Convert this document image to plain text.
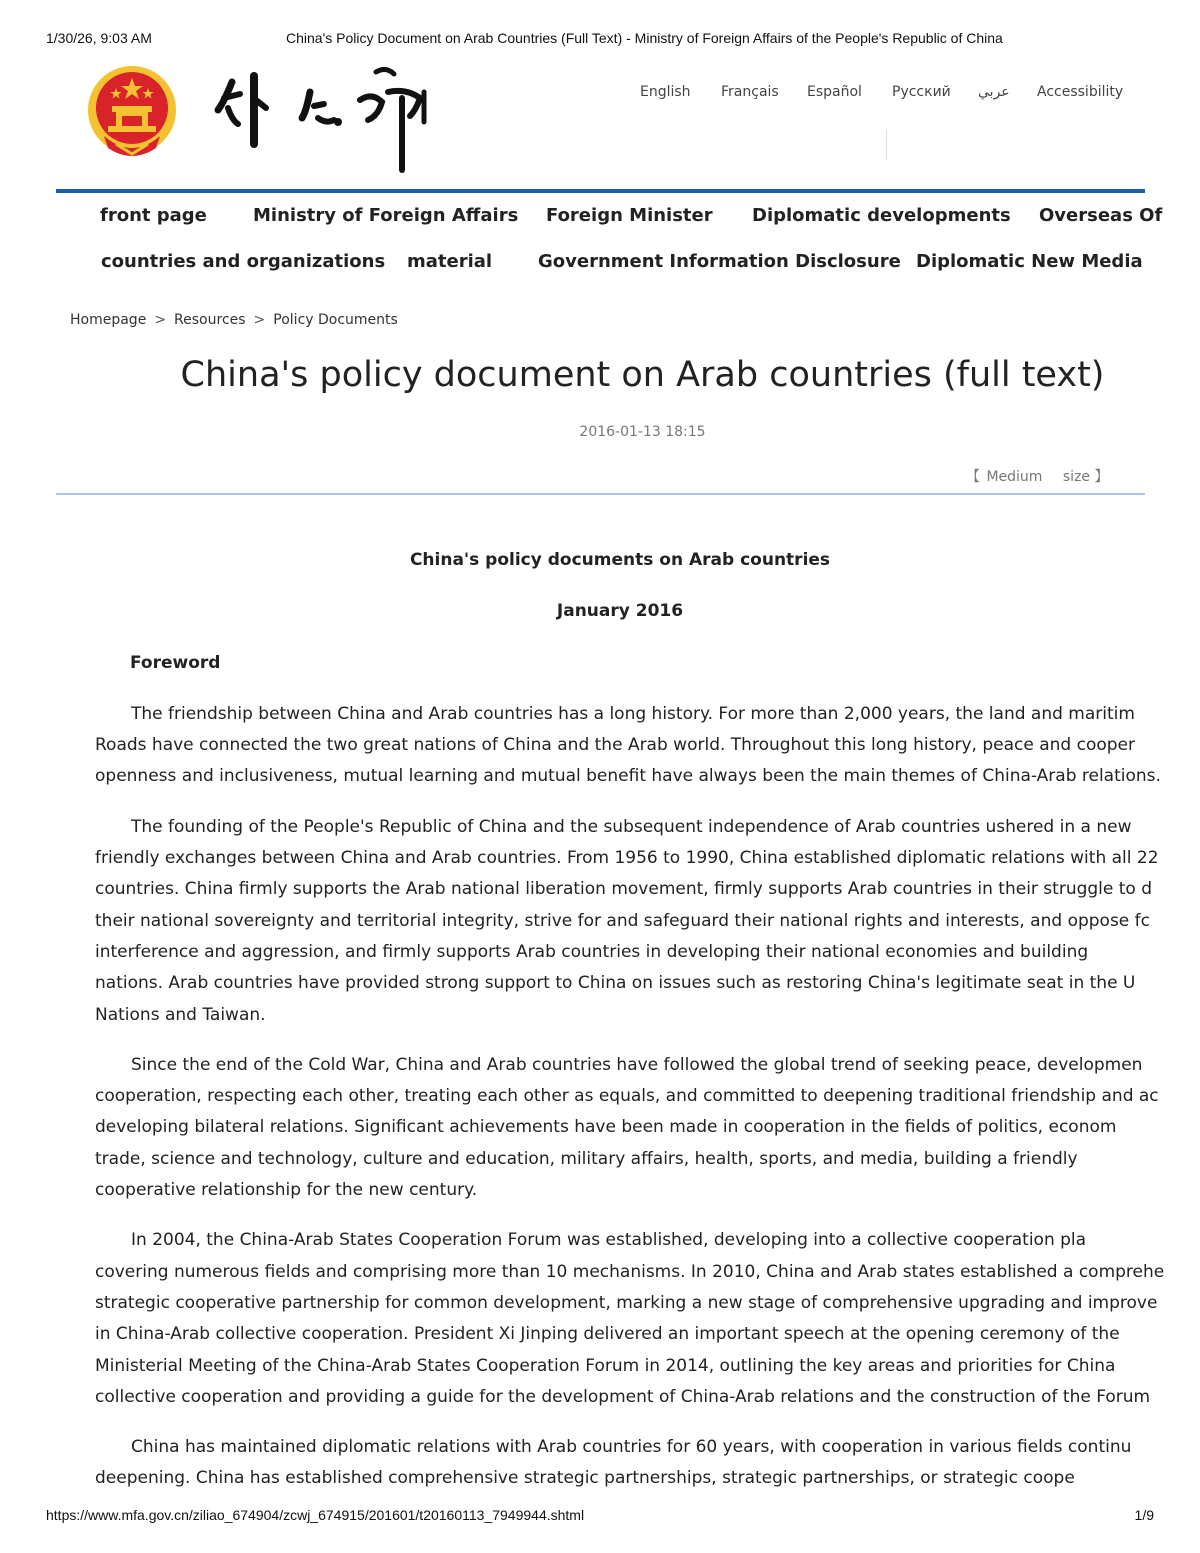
1/30/26, 9:03 AM	China's Policy Document on Arab Countries (Full Text) - Ministry of Foreign Affairs of the People's Republic of China
English Français Español Русский عربي Accessibility
front page	Ministry of Foreign Affairs Foreign Minister Diplomatic developments Overseas Of
countries and organizations material	Government Information Disclosure Diplomatic New Media
Homepage > Resources > Policy Documents
China's policy document on Arab countries (full text)
2016-01-13 18:15
【 Medium size 】
China's policy documents on Arab countries
January 2016
Foreword

The friendship between China and Arab countries has a long history. For more than 2,000 years, the land and maritim
Roads have connected the two great nations of China and the Arab world. Throughout this long history, peace and cooper
openness and inclusiveness, mutual learning and mutual benefit have always been the main themes of China-Arab relations.

The founding of the People's Republic of China and the subsequent independence of Arab countries ushered in a new
friendly exchanges between China and Arab countries. From 1956 to 1990, China established diplomatic relations with all 22
countries. China firmly supports the Arab national liberation movement, firmly supports Arab countries in their struggle to d
their national sovereignty and territorial integrity, strive for and safeguard their national rights and interests, and oppose fc
interference and aggression, and firmly supports Arab countries in developing their national economies and building
nations. Arab countries have provided strong support to China on issues such as restoring China's legitimate seat in the U
Nations and Taiwan.

Since the end of the Cold War, China and Arab countries have followed the global trend of seeking peace, developmen
cooperation, respecting each other, treating each other as equals, and committed to deepening traditional friendship and ac
developing bilateral relations. Significant achievements have been made in cooperation in the fields of politics, econom
trade, science and technology, culture and education, military affairs, health, sports, and media, building a friendly
cooperative relationship for the new century.

In 2004, the China-Arab States Cooperation Forum was established, developing into a collective cooperation pla
covering numerous fields and comprising more than 10 mechanisms. In 2010, China and Arab states established a comprehe
strategic cooperative partnership for common development, marking a new stage of comprehensive upgrading and improve
in China-Arab collective cooperation. President Xi Jinping delivered an important speech at the opening ceremony of the
Ministerial Meeting of the China-Arab States Cooperation Forum in 2014, outlining the key areas and priorities for China
collective cooperation and providing a guide for the development of China-Arab relations and the construction of the Forum

China has maintained diplomatic relations with Arab countries for 60 years, with cooperation in various fields continu
deepening. China has established comprehensive strategic partnerships, strategic partnerships, or strategic coope

https://www.mfa.gov.cn/ziliao_674904/zcwj_674915/201601/t20160113_7949944.shtml	1/9
